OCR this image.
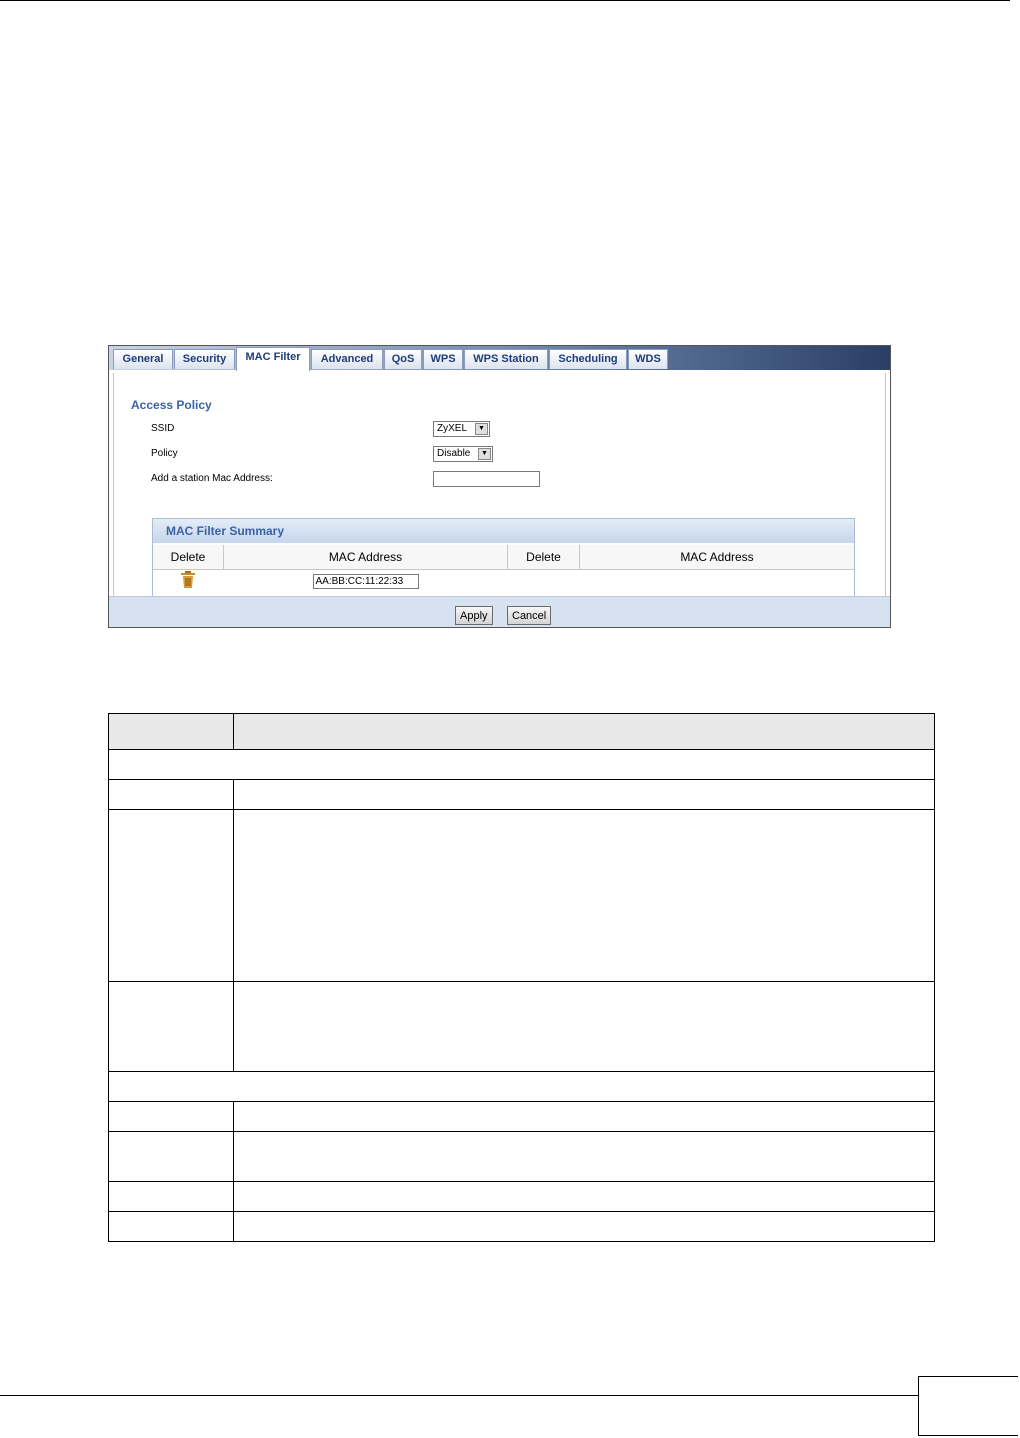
General	Security	MAC Filter	Advanced	QoS	WPS	WPS Station	Scheduling	WDS
Access Policy
SSID	ZyXEL	▼
Policy	Disable	▼
Add a station Mac Address:
MAC Filter Summary
Delete	MAC Address	Delete	MAC Address
	AA:BB:CC:11:22:33		
Apply	Cancel
